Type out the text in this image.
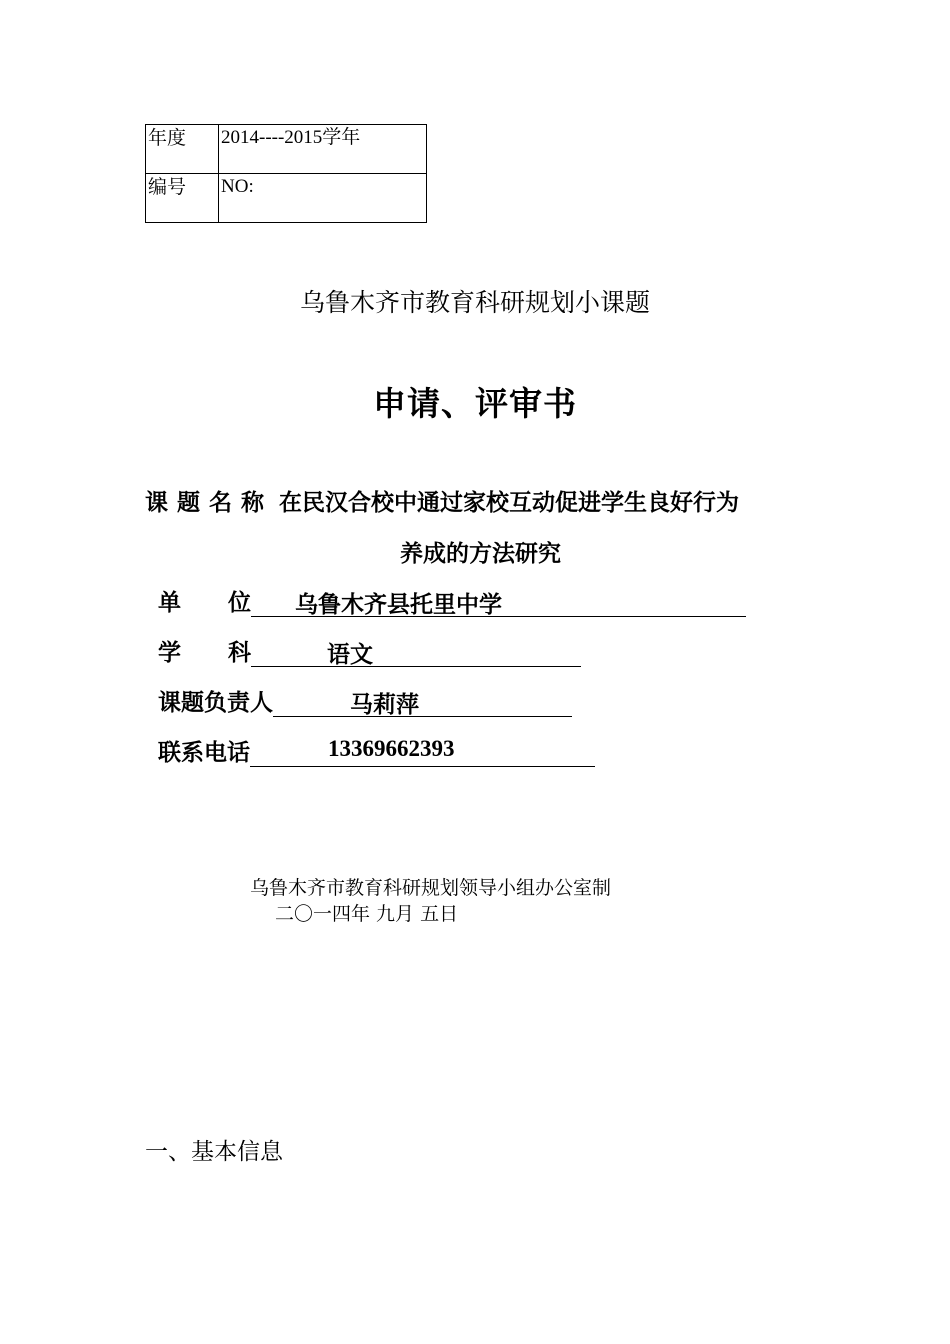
年度	2014----2015学年
编号	NO:
乌鲁木齐市教育科研规划小课题
申请、评审书
课 题 名 称 在民汉合校中通过家校互动促进学生良好行为
养成的方法研究
单 位 乌鲁木齐县托里中学
学 科	语文
课题负责人	马莉萍
联系电话	13369662393
乌鲁木齐市教育科研规划领导小组办公室制
二〇一四年 九月 五日
一、基本信息
